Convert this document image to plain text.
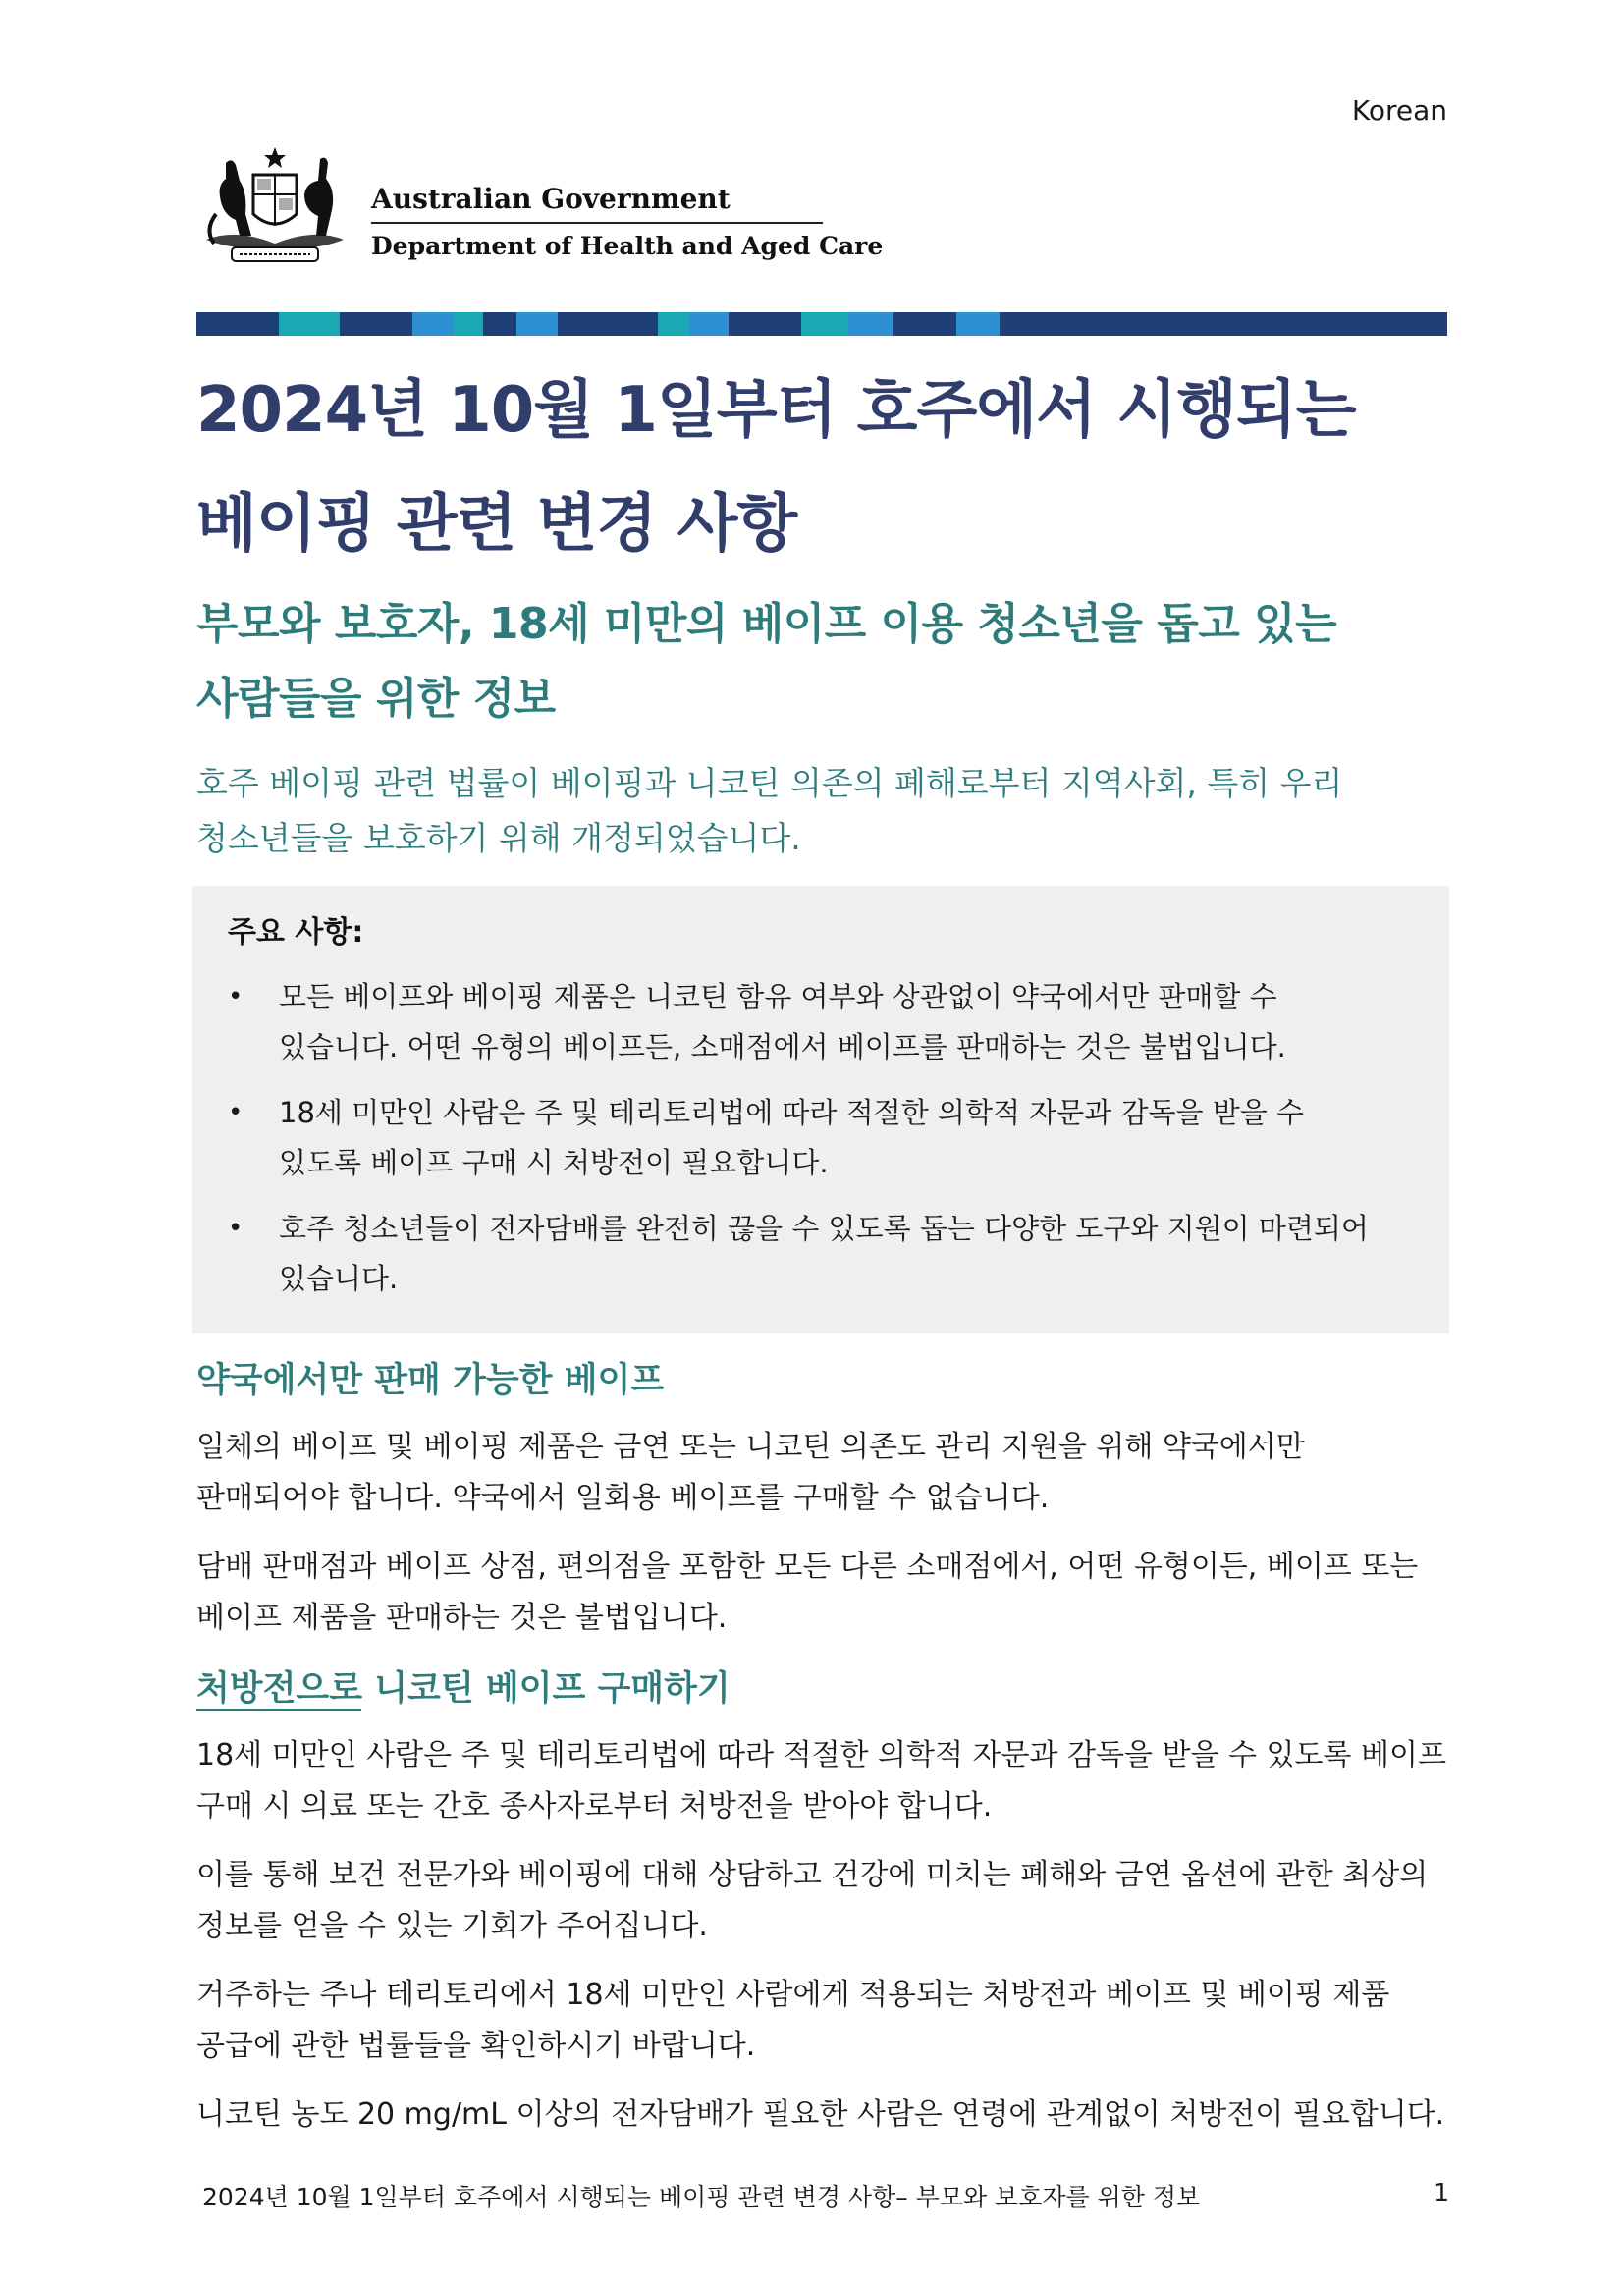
Korean
Australian Government
Department of Health and Aged Care
2024년 10월 1일부터 호주에서 시행되는
베이핑 관련 변경 사항
부모와 보호자, 18세 미만의 베이프 이용 청소년을 돕고 있는
사람들을 위한 정보

호주 베이핑 관련 법률이 베이핑과 니코틴 의존의 폐해로부터 지역사회, 특히 우리
청소년들을 보호하기 위해 개정되었습니다.

주요 사항:
•	모든 베이프와 베이핑 제품은 니코틴 함유 여부와 상관없이 약국에서만 판매할 수
있습니다. 어떤 유형의 베이프든, 소매점에서 베이프를 판매하는 것은 불법입니다.
•	18세 미만인 사람은 주 및 테리토리법에 따라 적절한 의학적 자문과 감독을 받을 수
있도록 베이프 구매 시 처방전이 필요합니다.
•	호주 청소년들이 전자담배를 완전히 끊을 수 있도록 돕는 다양한 도구와 지원이 마련되어
있습니다.
약국에서만 판매 가능한 베이프

일체의 베이프 및 베이핑 제품은 금연 또는 니코틴 의존도 관리 지원을 위해 약국에서만
판매되어야 합니다. 약국에서 일회용 베이프를 구매할 수 없습니다.

담배 판매점과 베이프 상점, 편의점을 포함한 모든 다른 소매점에서, 어떤 유형이든, 베이프 또는
베이프 제품을 판매하는 것은 불법입니다.

처방전으로 니코틴 베이프 구매하기

18세 미만인 사람은 주 및 테리토리법에 따라 적절한 의학적 자문과 감독을 받을 수 있도록 베이프
구매 시 의료 또는 간호 종사자로부터 처방전을 받아야 합니다.

이를 통해 보건 전문가와 베이핑에 대해 상담하고 건강에 미치는 폐해와 금연 옵션에 관한 최상의
정보를 얻을 수 있는 기회가 주어집니다.

거주하는 주나 테리토리에서 18세 미만인 사람에게 적용되는 처방전과 베이프 및 베이핑 제품
공급에 관한 법률들을 확인하시기 바랍니다.

니코틴 농도 20 mg/mL 이상의 전자담배가 필요한 사람은 연령에 관계없이 처방전이 필요합니다.

2024년 10월 1일부터 호주에서 시행되는 베이핑 관련 변경 사항– 부모와 보호자를 위한 정보	1
